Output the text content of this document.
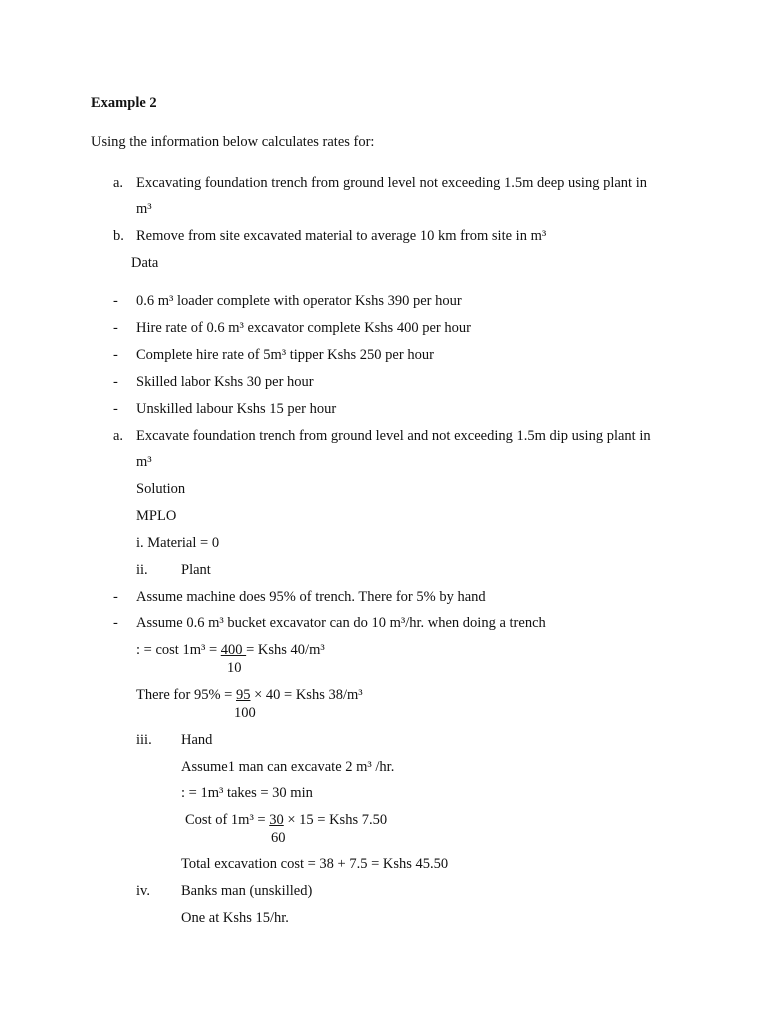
Example 2
Using the information below calculates rates for:
a. Excavating foundation trench from ground level not exceeding 1.5m deep using plant in
m³
b. Remove from site excavated material to average 10 km from site in m³
Data
- 0.6 m³ loader complete with operator Kshs 390 per hour
- Hire rate of 0.6 m³ excavator complete Kshs 400 per hour
- Complete hire rate of 5m³ tipper Kshs 250 per hour
- Skilled labor Kshs 30 per hour
- Unskilled labour Kshs 15 per hour
a. Excavate foundation trench from ground level and not exceeding 1.5m dip using plant in
m³
Solution
MPLO
i. Material = 0
ii. Plant
- Assume machine does 95% of trench. There for 5% by hand
- Assume 0.6 m³ bucket excavator can do 10 m³/hr. when doing a trench
: = cost 1m³ = 400 = Kshs 40/m³
10
There for 95% = 95 × 40 = Kshs 38/m³
100
iii. Hand
Assume1 man can excavate 2 m³ /hr.
: = 1m³ takes = 30 min
Cost of 1m³ = 30 × 15 = Kshs 7.50
60
Total excavation cost = 38 + 7.5 = Kshs 45.50
iv. Banks man (unskilled)
One at Kshs 15/hr.
